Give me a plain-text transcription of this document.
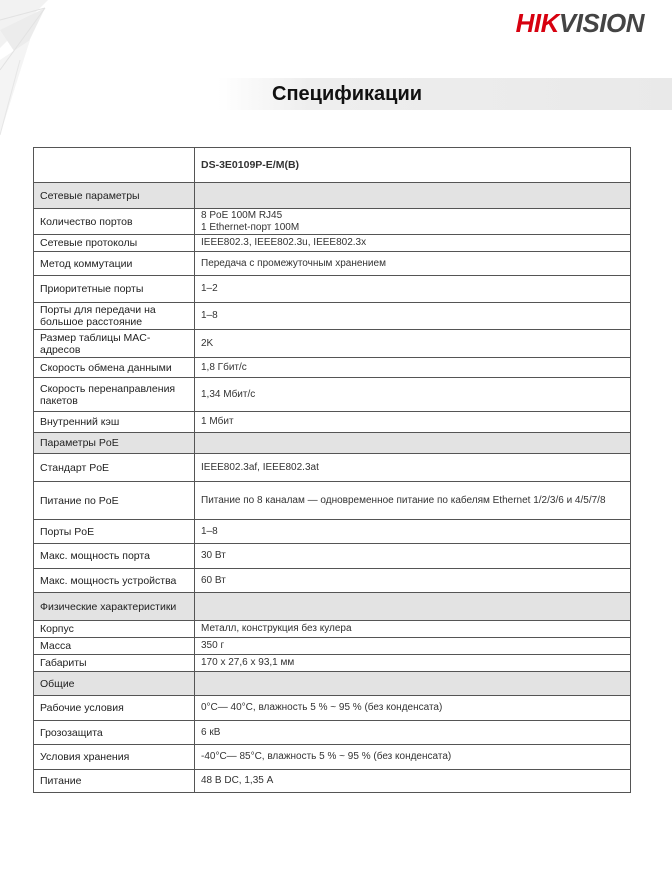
HIKVISION
Спецификации
	DS-3E0109P-E/M(B)
Сетевые параметры	
Количество портов	8 PoE 100M RJ45
1 Ethernet-порт 100M

Сетевые протоколы	IEEE802.3, IEEE802.3u, IEEE802.3x

Метод коммутации	Передача с промежуточным хранением

Приоритетные порты	1–2

Порты для передачи на большое расстояние	1–8

Размер таблицы MAC-адресов	2K

Скорость обмена данными	1,8 Гбит/с

Скорость перенаправления пакетов	1,34 Мбит/с

Внутренний кэш	1 Мбит

Параметры PoE	
Стандарт PoE	IEEE802.3af, IEEE802.3at

Питание по PoE	Питание по 8 каналам — одновременное питание по кабелям Ethernet 1/2/3/6 и 4/5/7/8

Порты PoE	1–8

Макс. мощность порта	30 Вт

Макс. мощность устройства	60 Вт

Физические характеристики	
Корпус	Металл, конструкция без кулера

Масса	350 г

Габариты	170 x 27,6 x 93,1 мм

Общие	
Рабочие условия	0°C— 40°C, влажность 5 % ~ 95 % (без конденсата)

Грозозащита	6 кВ

Условия хранения	-40°C— 85°C, влажность 5 % ~ 95 % (без конденсата)

Питание	48 В DC, 1,35 А
